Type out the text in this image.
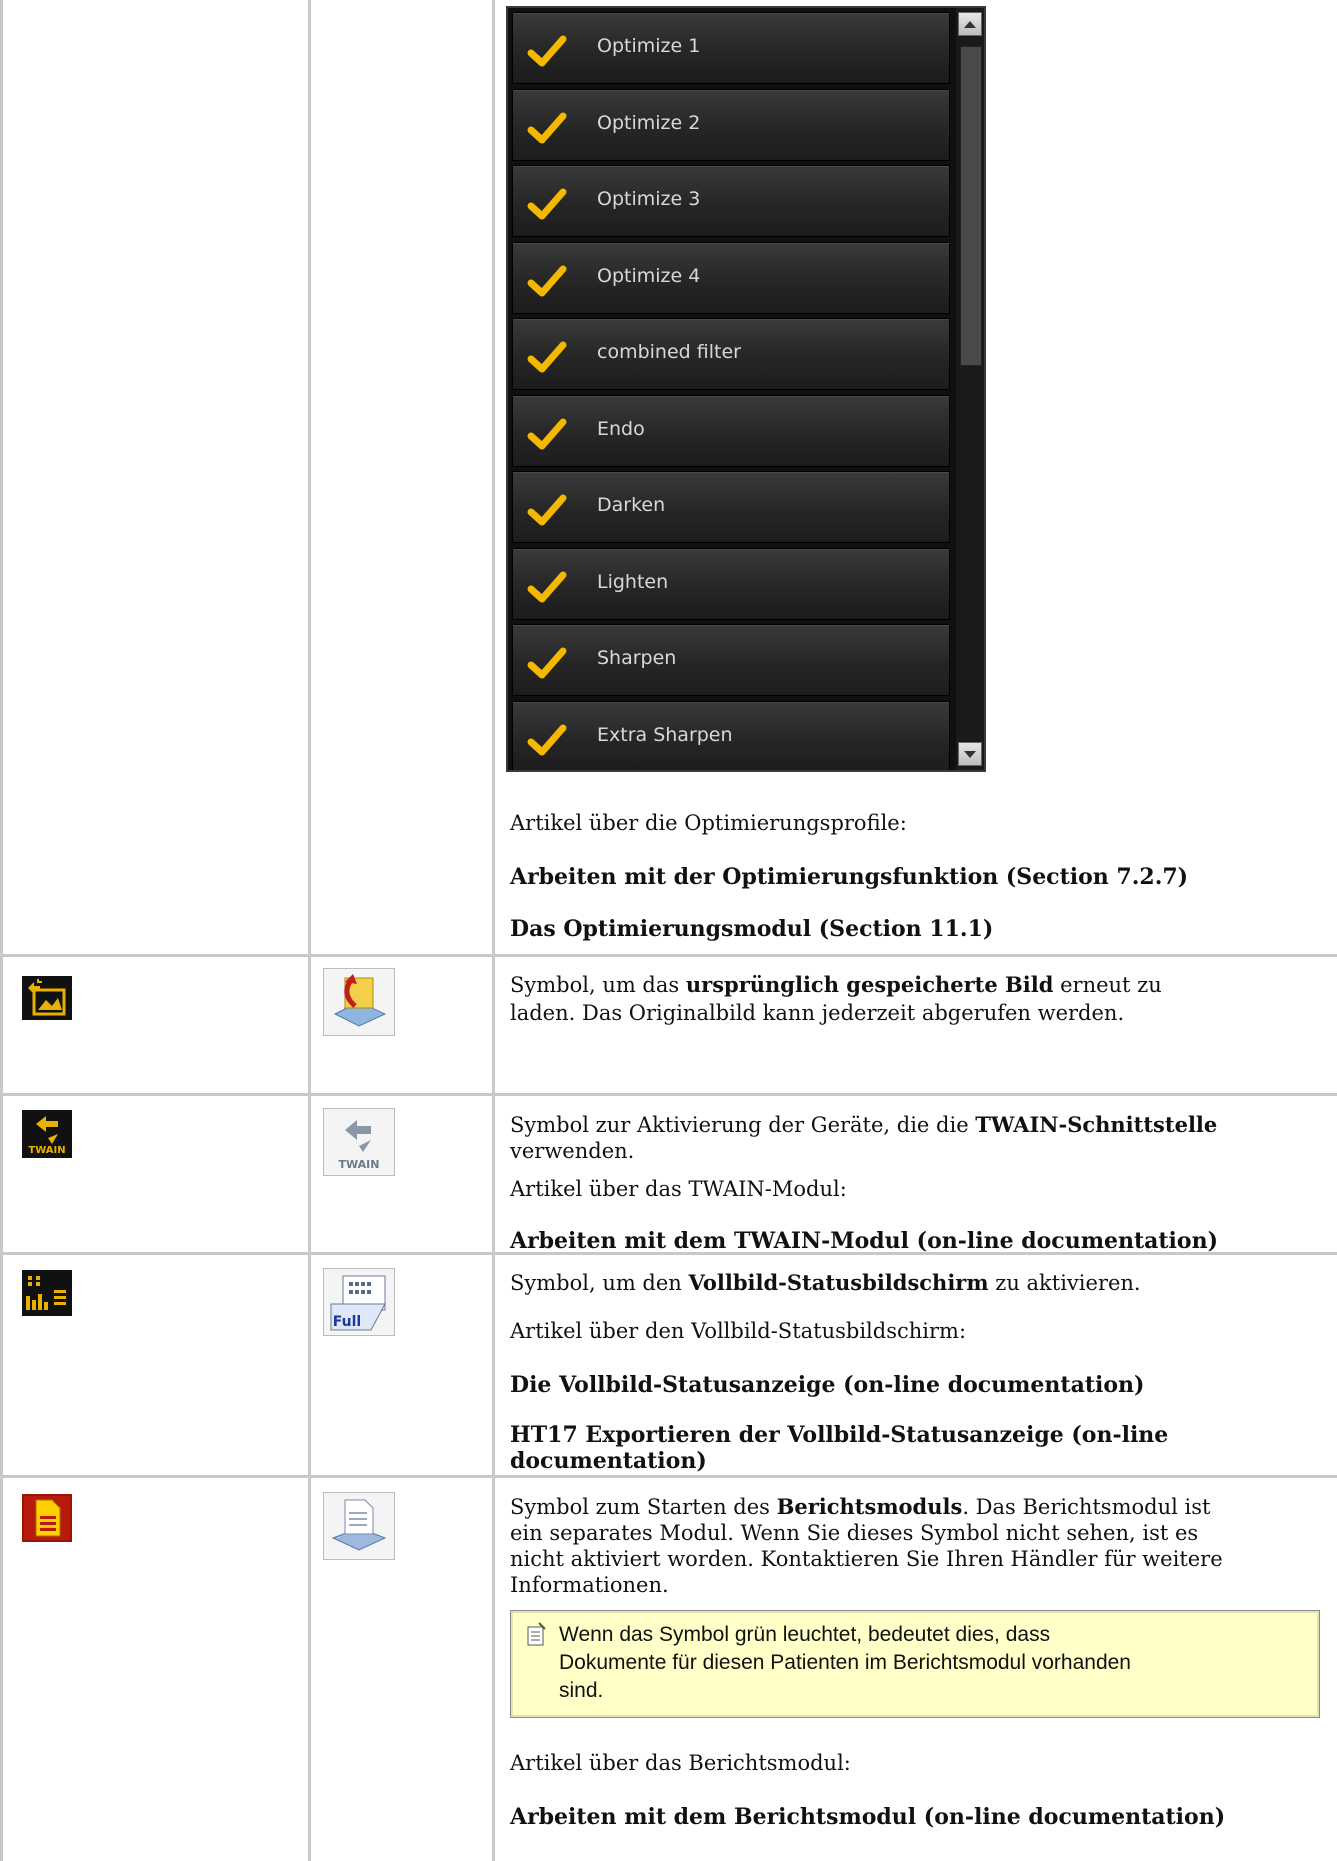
Optimize 1
Optimize 2
Optimize 3
Optimize 4
combined filter
Endo
Darken
Lighten
Sharpen
Extra Sharpen
Artikel über die Optimierungsprofile:
Arbeiten mit der Optimierungsfunktion (Section 7.2.7)
Das Optimierungsmodul (Section 11.1)
Symbol, um das ursprünglich gespeicherte Bild erneut zu
laden. Das Originalbild kann jederzeit abgerufen werden.
TWAIN
TWAIN
Symbol zur Aktivierung der Geräte, die die TWAIN-Schnittstelle
verwenden.
Artikel über das TWAIN-Modul:
Arbeiten mit dem TWAIN-Modul (on-line documentation)
Full
Symbol, um den Vollbild-Statusbildschirm zu aktivieren.
Artikel über den Vollbild-Statusbildschirm:
Die Vollbild-Statusanzeige (on-line documentation)
HT17 Exportieren der Vollbild-Statusanzeige (on-line
documentation)
Symbol zum Starten des Berichtsmoduls. Das Berichtsmodul ist
ein separates Modul. Wenn Sie dieses Symbol nicht sehen, ist es
nicht aktiviert worden. Kontaktieren Sie Ihren Händler für weitere
Informationen.
Wenn das Symbol grün leuchtet, bedeutet dies, dass
Dokumente für diesen Patienten im Berichtsmodul vorhanden
sind.
Artikel über das Berichtsmodul:
Arbeiten mit dem Berichtsmodul (on-line documentation)
